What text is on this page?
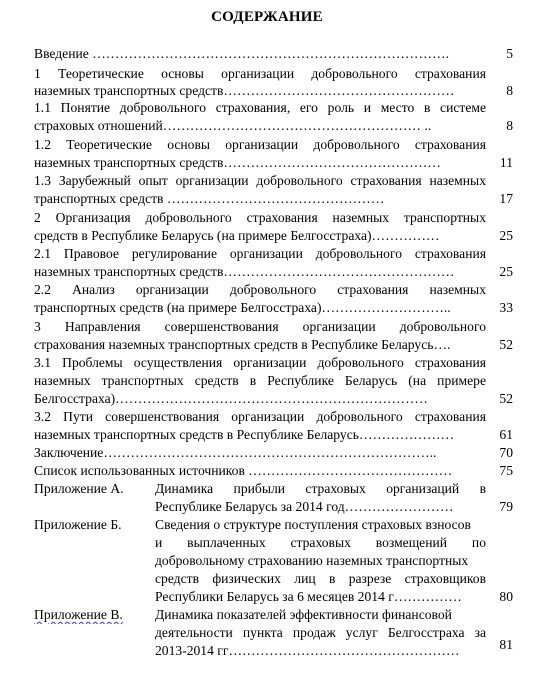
СОДЕРЖАНИЕ
Введение …………………………………………………………………….	5
1 Теоретические основы организации добровольного страхования
наземных транспортных средств……………………………………………	8
1.1 Понятие добровольного страхования, его роль и место в системе
страховых отношений………………………………………………… ..	8
1.2 Теоретические основы организации добровольного страхования
наземных транспортных средств…………………………………………	11
1.3 Зарубежный опыт организации добровольного страхования наземных
транспортных средств …………………………………………	17
2 Организация добровольного страхования наземных транспортных
средств в Республике Беларусь (на примере Белгосстраха)……………	25
2.1 Правовое регулирование организации добровольного страхования
наземных транспортных средств……………………………………………	25
2.2 Анализ организации добровольного страхования наземных
транспортных средств (на примере Белгосстраха)………………………..	33
3 Направления совершенствования организации добровольного
страхования наземных транспортных средств в Республике Беларусь….	52
3.1 Проблемы осуществления организации добровольного страхования
наземных транспортных средств в Республике Беларусь (на примере
Белгосстраха)……………………………………………………………	52
3.2 Пути совершенствования организации добровольного страхования
наземных транспортных средств в Республике Беларусь…………………	61
Заключение………………………………………………………………..	70
Список использованных источников ………………………………………	75
Приложение А.	Динамика прибыли страховых организаций в
Республике Беларусь за 2014 год……………………	79
Приложение Б.	Сведения о структуре поступления страховых взносов
и выплаченных страховых возмещений по
добровольному страхованию наземных транспортных
средств физических лиц в разрезе страховщиков
Республики Беларусь за 6 месяцев 2014 г……………	80
Приложение В.	Динамика показателей эффективности финансовой
деятельности пункта продаж услуг Белгосстраха за
2013-2014 гг……………………………………………	81
